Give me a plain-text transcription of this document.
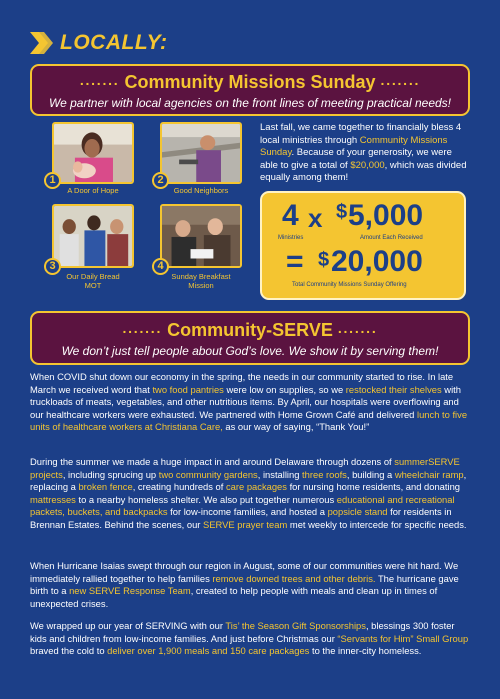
LOCALLY:
······· Community Missions Sunday ·······
We partner with local agencies on the front lines of meeting practical needs!
1
A Door of Hope
2
Good Neighbors
3
Our Daily Bread
MOT
4
Sunday Breakfast
Mission
Last fall, we came together to financially bless 4 local ministries through Community Missions Sunday. Because of your generosity, we were able to give a total of $20,000, which was divided equally among them!
4 x $ 5,000
Ministries	Amount Each Received
= $ 20,000
Total Community Missions Sunday Offering
······· Community-SERVE ·······
We don’t just tell people about God’s love. We show it by serving them!
When COVID shut down our economy in the spring, the needs in our community started to rise. In late March we received word that two food pantries were low on supplies, so we restocked their shelves with truckloads of meats, vegetables, and other nutritious items. By April, our hospitals were overflowing and our healthcare workers were exhausted. We partnered with Home Grown Café and delivered lunch to five units of healthcare workers at Christiana Care, as our way of saying, “Thank You!”
During the summer we made a huge impact in and around Delaware through dozens of summerSERVE projects, including sprucing up two community gardens, installing three roofs, building a wheelchair ramp, replacing a broken fence, creating hundreds of care packages for nursing home residents, and donating mattresses to a nearby homeless shelter. We also put together numerous educational and recreational packets, buckets, and backpacks for low-income families, and hosted a popsicle stand for residents in Brennan Estates. Behind the scenes, our SERVE prayer team met weekly to intercede for specific needs.
When Hurricane Isaias swept through our region in August, some of our communities were hit hard. We immediately rallied together to help families remove downed trees and other debris. The hurricane gave birth to a new SERVE Response Team, created to help people with meals and clean up in times of unexpected crises.
We wrapped up our year of SERVING with our Tis’ the Season Gift Sponsorships, blessings 300 foster kids and children from low-income families. And just before Christmas our “Servants for Him” Small Group braved the cold to deliver over 1,900 meals and 150 care packages to the inner-city homeless.
